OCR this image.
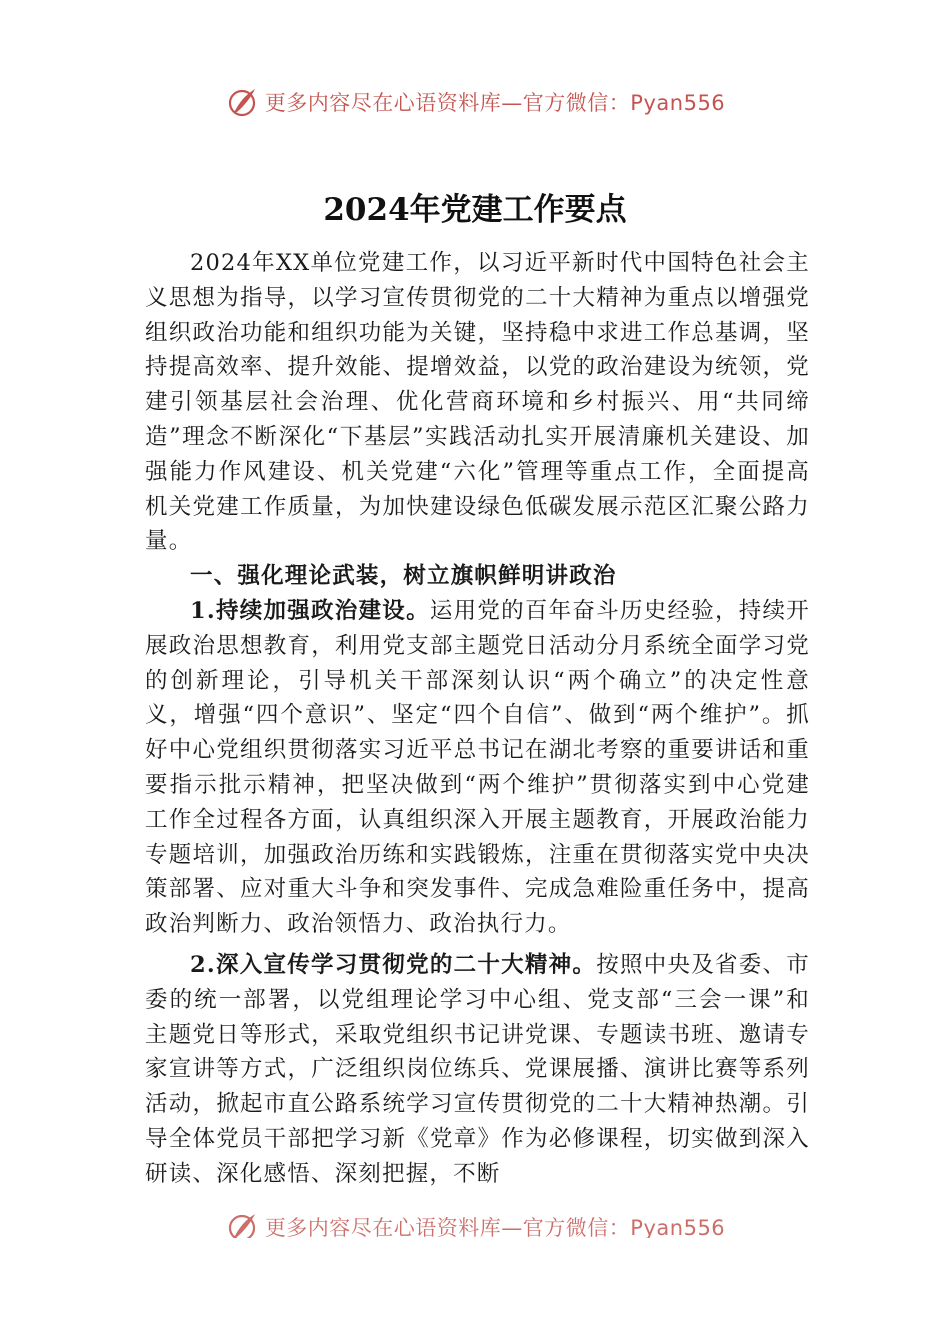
更多内容尽在心语资料库—官方微信：Pyan556
2024年党建工作要点

2024年XX单位党建工作，以习近平新时代中国特色社会主义思想为指导，以学习宣传贯彻党的二十大精神为重点以增强党组织政治功能和组织功能为关键，坚持稳中求进工作总基调，坚持提高效率、提升效能、提增效益，以党的政治建设为统领，党建引领基层社会治理、优化营商环境和乡村振兴、用“共同缔造”理念不断深化“下基层”实践活动扎实开展清廉机关建设、加强能力作风建设、机关党建“六化”管理等重点工作，全面提高机关党建工作质量，为加快建设绿色低碳发展示范区汇聚公路力量。

一、强化理论武装，树立旗帜鲜明讲政治

1.持续加强政治建设。运用党的百年奋斗历史经验，持续开展政治思想教育，利用党支部主题党日活动分月系统全面学习党的创新理论，引导机关干部深刻认识“两个确立”的决定性意义，增强“四个意识”、坚定“四个自信”、做到“两个维护”。抓好中心党组织贯彻落实习近平总书记在湖北考察的重要讲话和重要指示批示精神，把坚决做到“两个维护”贯彻落实到中心党建工作全过程各方面，认真组织深入开展主题教育，开展政治能力专题培训，加强政治历练和实践锻炼，注重在贯彻落实党中央决策部署、应对重大斗争和突发事件、完成急难险重任务中，提高政治判断力、政治领悟力、政治执行力。

2.深入宣传学习贯彻党的二十大精神。按照中央及省委、市委的统一部署，以党组理论学习中心组、党支部“三会一课”和主题党日等形式，采取党组织书记讲党课、专题读书班、邀请专家宣讲等方式，广泛组织岗位练兵、党课展播、演讲比赛等系列活动，掀起市直公路系统学习宣传贯彻党的二十大精神热潮。引导全体党员干部把学习新《党章》作为必修课程，切实做到深入研读、深化感悟、深刻把握，不断

更多内容尽在心语资料库—官方微信：Pyan556
